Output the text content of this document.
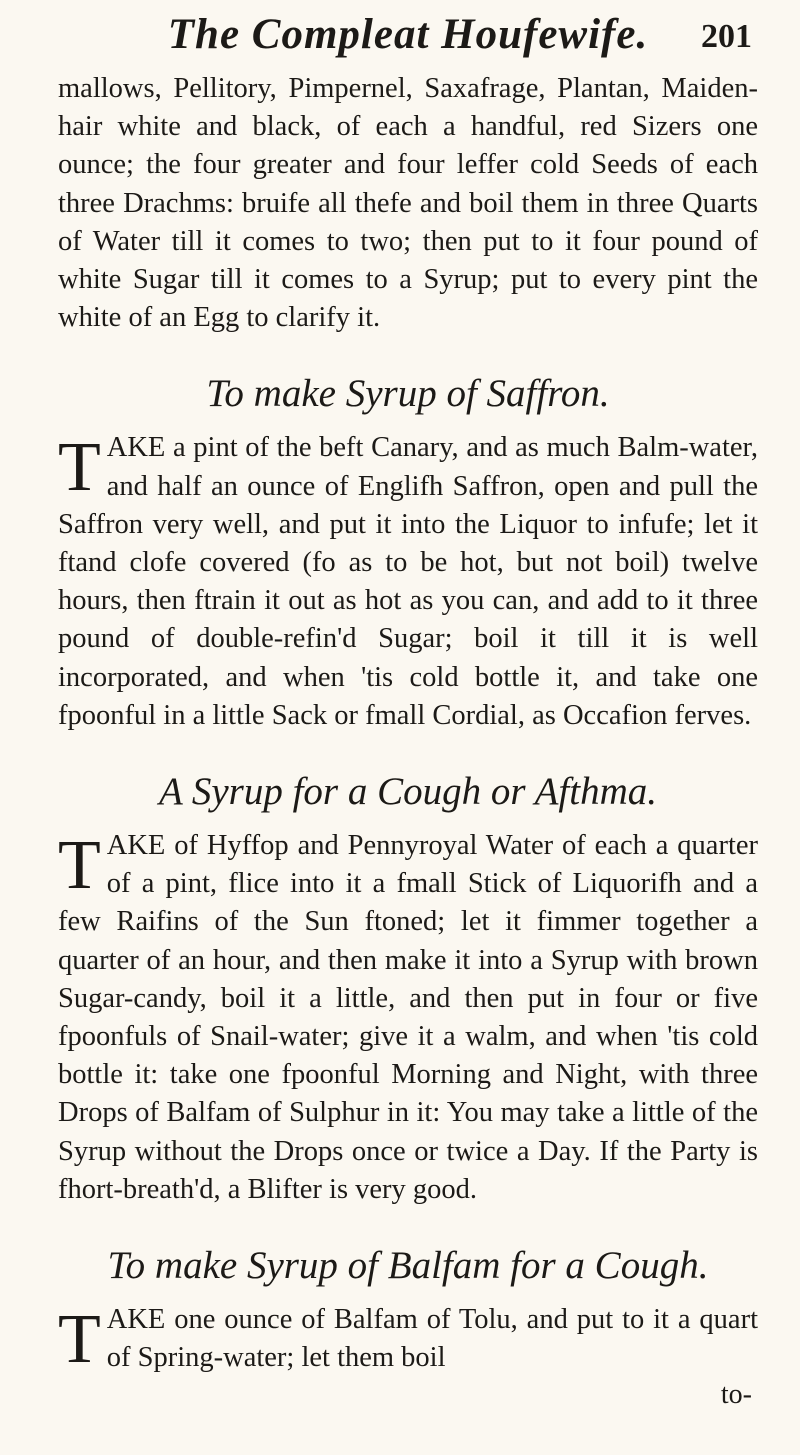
The Compleat Houfewife.	201

mallows, Pellitory, Pimpernel, Saxafrage, Plantan, Maiden-hair white and black, of each a handful, red Sizers one ounce; the four greater and four leffer cold Seeds of each three Drachms: bruife all thefe and boil them in three Quarts of Water till it comes to two; then put to it four pound of white Sugar till it comes to a Syrup; put to every pint the white of an Egg to clarify it.

To make Syrup of Saffron.
T AKE a pint of the beft Canary, and as much Balm-water, and half an ounce of Englifh Saffron, open and pull the Saffron very well, and put it into the Liquor to infufe; let it ftand clofe covered (fo as to be hot, but not boil) twelve hours, then ftrain it out as hot as you can, and add to it three pound of double-refin'd Sugar; boil it till it is well incorporated, and when 'tis cold bottle it, and take one fpoonful in a little Sack or fmall Cordial, as Occafion ferves.

A Syrup for a Cough or Afthma.
T AKE of Hyffop and Pennyroyal Water of each a quarter of a pint, flice into it a fmall Stick of Liquorifh and a few Raifins of the Sun ftoned; let it fimmer together a quarter of an hour, and then make it into a Syrup with brown Sugar-candy, boil it a little, and then put in four or five fpoonfuls of Snail-water; give it a walm, and when 'tis cold bottle it: take one fpoonful Morning and Night, with three Drops of Balfam of Sulphur in it: You may take a little of the Syrup without the Drops once or twice a Day. If the Party is fhort-breath'd, a Blifter is very good.

To make Syrup of Balfam for a Cough.
T AKE one ounce of Balfam of Tolu, and put to it a quart of Spring-water; let them boil

to-
